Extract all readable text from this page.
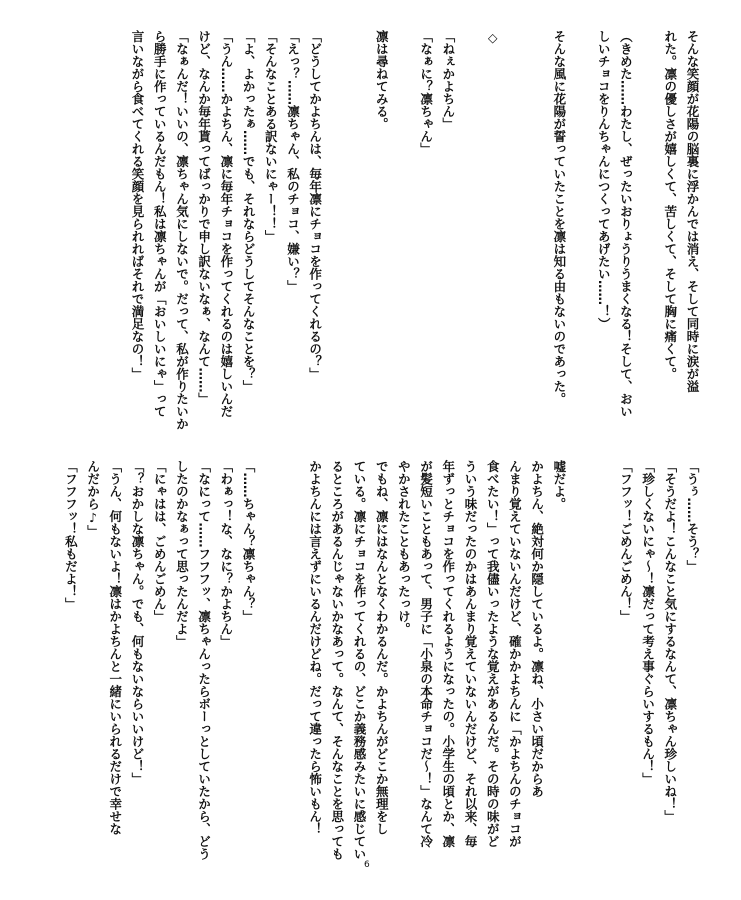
そんな笑顔が花陽の脳裏に浮かんでは消え、そして同時に涙が溢
れた。凛の優しさが嬉しくて、苦しくて、そして胸に痛くて。
（きめた……わたし、ぜったいおりょうりうまくなる！そして、おい
しいチョコをりんちゃんにつくってあげたい……！）
そんな風に花陽が誓っていたことを凛は知る由もないのであった。
◇
「ねぇかよちん」
「なぁに？凛ちゃん」
凛は尋ねてみる。
「どうしてかよちんは、毎年凛にチョコを作ってくれるの？」
「えっ？……凛ちゃん、私のチョコ、嫌い？」
「そんなことある訳ないにゃー！！」
「よ、よかったぁ……でも、それならどうしてそんなことを？」
「うん……かよちん、凛に毎年チョコを作ってくれるのは嬉しいんだ
けど、なんか毎年貰ってばっかりで申し訳ないなぁ、なんて……」
「なぁんだ！いいの、凛ちゃん気にしないで。だって、私が作りたいか
ら勝手に作っているんだもん！私は凛ちゃんが「おいしいにゃ」って
言いながら食べてくれる笑顔を見られればそれで満足なの！」
「うぅ……そう？」
「そうだよ！こんなこと気にするなんて、凛ちゃん珍しいね！」
「珍しくないにゃ～！凛だって考え事ぐらいするもん！」
「フフッ！ごめんごめん！」
嘘だよ。
かよちん、絶対何か隠しているよ。凛ね、小さい頃だからあ
んまり覚えていないんだけど、確かかよちんに「かよちんのチョコが
食べたい！」って我儘いったような覚えがあるんだ。その時の味がど
ういう味だったのかはあんまり覚えていないんだけど、それ以来、毎
年ずっとチョコを作ってくれるようになったの。小学生の頃とか、凛
が髪短いこともあって、男子に「小泉の本命チョコだ～！」なんて冷
やかされたこともあったっけ。
でもね、凛にはなんとなくわかるんだ。かよちんがどこか無理をし
ている。凛にチョコを作ってくれるの、どこか義務感みたいに感じてい
るところがあるんじゃないかなあって。なんて、そんなことを思っても
かよちんには言えずにいるんだけどね。だって違ったら怖いもん！
「……ちゃん？凛ちゃん？」
「わぁっ！な、なに？かよちん」
「なにって……フフフッ、凛ちゃんったらボーっとしていたから、どう
したのかなぁって思ったんだよ」
「にゃはは、ごめんごめん」
「？おかしな凛ちゃん。でも、何もないならいいけど！」
「うん、何もないよ！凛はかよちんと一緒にいられるだけで幸せな
んだから♪」
「フフフッ！私もだよ！」
6
